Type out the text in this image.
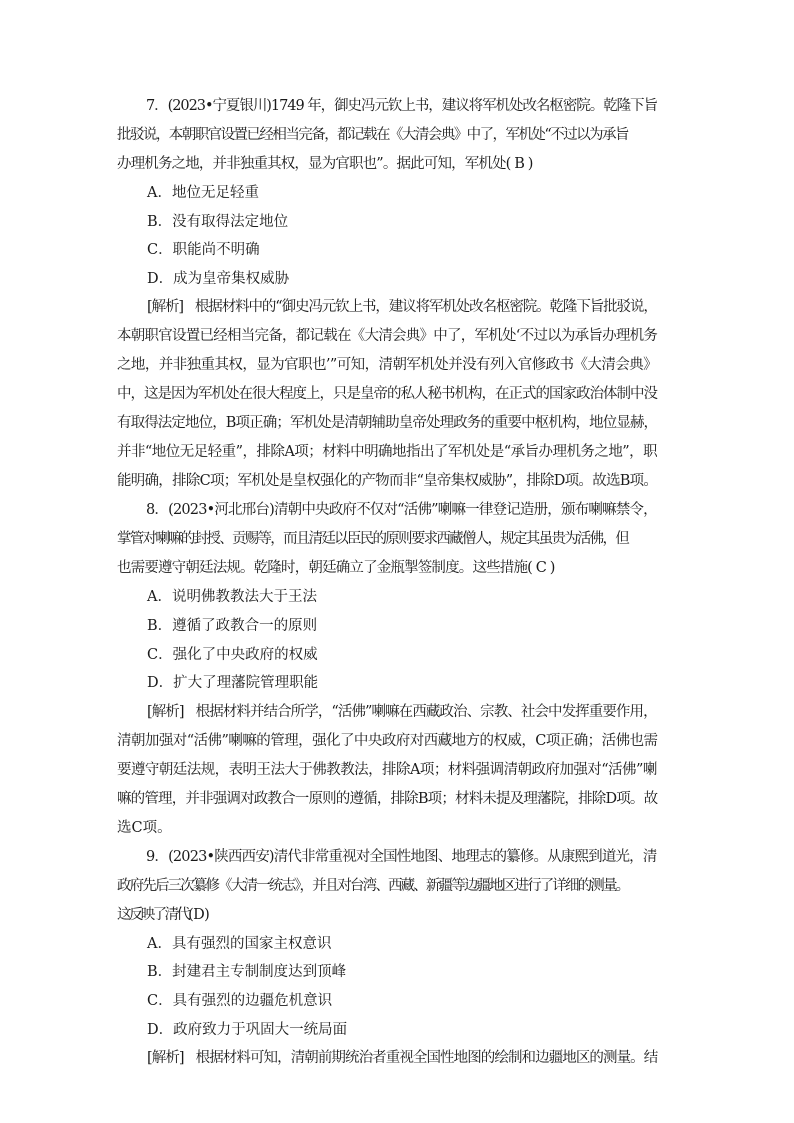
7．(2023•宁夏银川)1749 年，御史冯元钦上书，建议将军机处改名枢密院。乾隆下旨
批驳说，本朝职官设置已经相当完备，都记载在《大清会典》中了，军机处“不过以为承旨
办理机务之地，并非独重其权，显为官职也”。据此可知，军机处( B )

A．地位无足轻重

B．没有取得法定地位

C．职能尚不明确

D．成为皇帝集权威胁

[解析] 根据材料中的“御史冯元钦上书，建议将军机处改名枢密院。乾隆下旨批驳说，
本朝职官设置已经相当完备，都记载在《大清会典》中了，军机处‘不过以为承旨办理机务
之地，并非独重其权，显为官职也’”可知，清朝军机处并没有列入官修政书《大清会典》
中，这是因为军机处在很大程度上，只是皇帝的私人秘书机构，在正式的国家政治体制中没
有取得法定地位，B项正确；军机处是清朝辅助皇帝处理政务的重要中枢机构，地位显赫，
并非“地位无足轻重”，排除A项；材料中明确地指出了军机处是“承旨办理机务之地”，职
能明确，排除C项；军机处是皇权强化的产物而非“皇帝集权威胁”，排除D项。故选B项。

8．(2023•河北邢台)清朝中央政府不仅对“活佛”喇嘛一律登记造册，颁布喇嘛禁令，
掌管对喇嘛的封授、贡赐等，而且清廷以臣民的原则要求西藏僧人，规定其虽贵为活佛，但
也需要遵守朝廷法规。乾隆时，朝廷确立了金瓶掣签制度。这些措施( C )

A．说明佛教教法大于王法

B．遵循了政教合一的原则

C．强化了中央政府的权威

D．扩大了理藩院管理职能

[解析] 根据材料并结合所学，“活佛”喇嘛在西藏政治、宗教、社会中发挥重要作用，
清朝加强对“活佛”喇嘛的管理，强化了中央政府对西藏地方的权威，C项正确；活佛也需
要遵守朝廷法规，表明王法大于佛教教法，排除A项；材料强调清朝政府加强对“活佛”喇
嘛的管理，并非强调对政教合一原则的遵循，排除B项；材料未提及理藩院，排除D项。故
选C项。

9．(2023•陕西西安)清代非常重视对全国性地图、地理志的纂修。从康熙到道光，清
政府先后三次纂修《大清一统志》，并且对台湾、西藏、新疆等边疆地区进行了详细的测量。
这反映了清代( D )

A．具有强烈的国家主权意识

B．封建君主专制制度达到顶峰

C．具有强烈的边疆危机意识

D．政府致力于巩固大一统局面

[解析] 根据材料可知，清朝前期统治者重视全国性地图的绘制和边疆地区的测量。结
